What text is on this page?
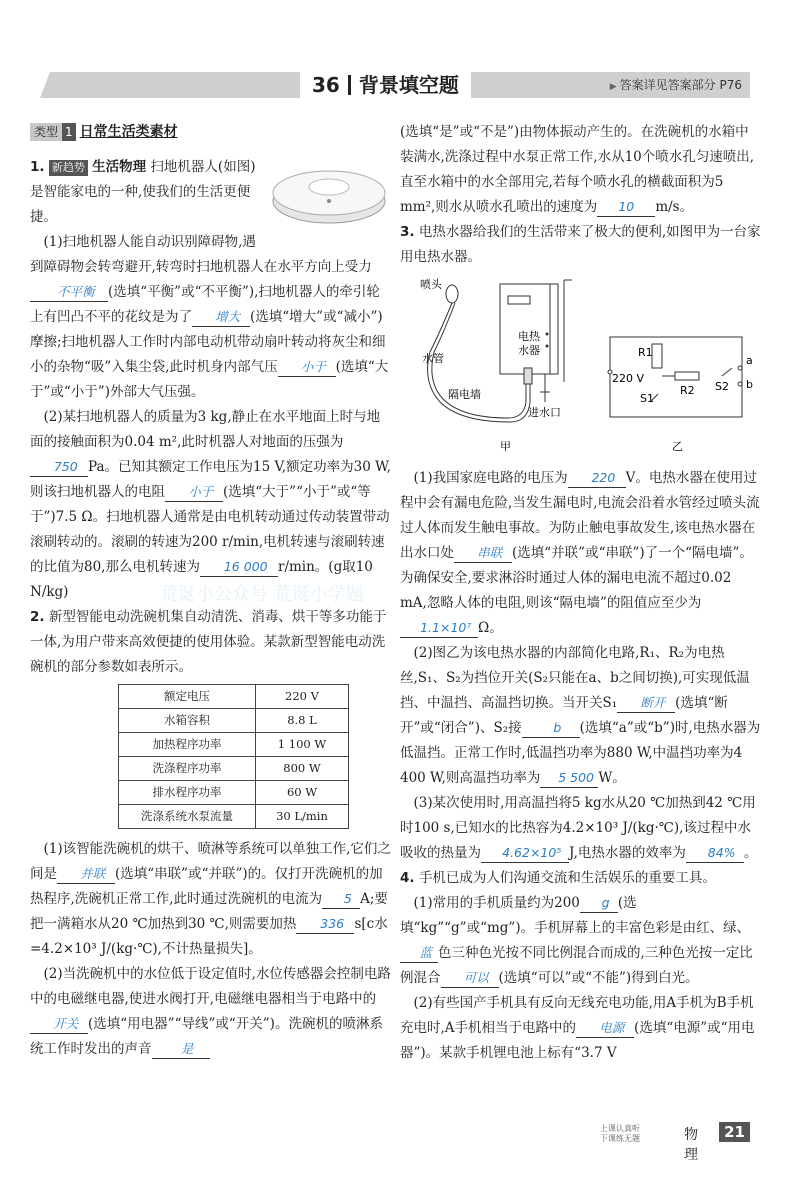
36 背景填空题	▶ 答案详见答案部分 P76
荒诞小公众号 荒诞小学题

类型 1 日常生活类素材

1. 新趋势 生活物理 扫地机器人(如图)是智能家电的一种,使我们的生活更便捷。

(1)扫地机器人能自动识别障碍物,遇到障碍物会转弯避开,转弯时扫地机器人在水平方向上受力不平衡 (选填“平衡”或“不平衡”),扫地机器人的牵引轮上有凹凸不平的花纹是为了 增大 (选填“增大”或“减小”)摩擦;扫地机器人工作时内部电动机带动扇叶转动将灰尘和细小的杂物“吸”入集尘袋,此时机身内部气压 小于 (选填“大于”或“小于”)外部大气压强。

(2)某扫地机器人的质量为3 kg,静止在水平地面上时与地面的接触面积为0.04 m²,此时机器人对地面的压强为750 Pa。已知其额定工作电压为15 V,额定功率为30 W,则该扫地机器人的电阻 小于 (选填“大于”“小于”或“等于”)7.5 Ω。扫地机器人通常是由电机转动通过传动装置带动滚刷转动的。滚刷的转速为200 r/min,电机转速与滚刷转速的比值为80,那么电机转速为 16 000 r/min。(g取10 N/kg)

2. 新型智能电动洗碗机集自动清洗、消毒、烘干等多功能于一体,为用户带来高效便捷的使用体验。某款新型智能电动洗碗机的部分参数如表所示。

额定电压	220 V
水箱容积	8.8 L
加热程序功率	1 100 W
洗涤程序功率	800 W
排水程序功率	60 W
洗涤系统水泵流量	30 L/min

(1)该智能洗碗机的烘干、喷淋等系统可以单独工作,它们之间是 并联 (选填“串联”或“并联”)的。仅打开洗碗机的加热程序,洗碗机正常工作,此时通过洗碗机的电流为 5 A;要把一满箱水从20 ℃加热到30 ℃,则需要加热 336 s[c水=4.2×10³ J/(kg·℃),不计热量损失]。

(2)当洗碗机中的水位低于设定值时,水位传感器会控制电路中的电磁继电器,使进水阀打开,电磁继电器相当于电路中的开关 (选填“用电器”“导线”或“开关”)。洗碗机的喷淋系统工作时发出的声音 是

(选填“是”或“不是”)由物体振动产生的。在洗碗机的水箱中装满水,洗涤过程中水泵正常工作,水从10个喷水孔匀速喷出,直至水箱中的水全部用完,若每个喷水孔的横截面积为5 mm²,则水从喷水孔喷出的速度为 10 m/s。

3. 电热水器给我们的生活带来了极大的便利,如图甲为一台家用电热水器。

喷头
水管
隔电墙
电热
水器
进水口
甲
220 V
R1
R2
S1
S2
a
b
乙

(1)我国家庭电路的电压为 220 V。电热水器在使用过程中会有漏电危险,当发生漏电时,电流会沿着水管经过喷头流过人体而发生触电事故。为防止触电事故发生,该电热水器在出水口处 串联 (选填“并联”或“串联”)了一个“隔电墙”。为确保安全,要求淋浴时通过人体的漏电电流不超过0.02 mA,忽略人体的电阻,则该“隔电墙”的阻值应至少为1.1×10⁷ Ω。

(2)图乙为该电热水器的内部简化电路,R₁、R₂为电热丝,S₁、S₂为挡位开关(S₂只能在a、b之间切换),可实现低温挡、中温挡、高温挡切换。当开关S₁ 断开 (选填“断开”或“闭合”)、S₂接	b (选填“a”或“b”)时,电热水器为低温挡。正常工作时,低温挡功率为880 W,中温挡功率为4 400 W,则高温挡功率为 5 500 W。

(3)某次使用时,用高温挡将5 kg水从20 ℃加热到42 ℃用时100 s,已知水的比热容为4.2×10³ J/(kg·℃),该过程中水吸收的热量为 4.62×10⁵ J,电热水器的效率为 84% 。

4. 手机已成为人们沟通交流和生活娱乐的重要工具。

(1)常用的手机质量约为200 g (选填“kg”“g”或“mg”)。手机屏幕上的丰富色彩是由红、绿、蓝 色三种色光按不同比例混合而成的,三种色光按一定比例混合 可以 (选填“可以”或“不能”)得到白光。

(2)有些国产手机具有反向无线充电功能,用A手机为B手机充电时,A手机相当于电路中的 电源 (选填“电源”或“用电器”)。某款手机锂电池上标有“3.7 V

上课认真听
下课练无题	物理
21
